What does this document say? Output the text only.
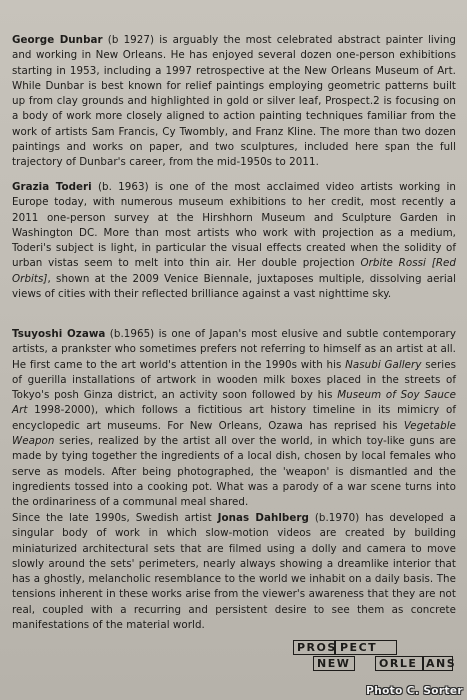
George Dunbar (b 1927) is arguably the most celebrated abstract painter living and working in New Orleans. He has enjoyed several dozen one-person exhibitions starting in 1953, including a 1997 retrospective at the New Orleans Museum of Art. While Dunbar is best known for relief paintings employing geometric patterns built up from clay grounds and highlighted in gold or silver leaf, Prospect.2 is focusing on a body of work more closely aligned to action painting techniques familiar from the work of artists Sam Francis, Cy Twombly, and Franz Kline. The more than two dozen paintings and works on paper, and two sculptures, included here span the full trajectory of Dunbar's career, from the mid-1950s to 2011.

Grazia Toderi (b. 1963) is one of the most acclaimed video artists working in Europe today, with numerous museum exhibitions to her credit, most recently a 2011 one-person survey at the Hirshhorn Museum and Sculpture Garden in Washington DC. More than most artists who work with projection as a medium, Toderi's subject is light, in particular the visual effects created when the solidity of urban vistas seem to melt into thin air. Her double projection Orbite Rossi [Red Orbits], shown at the 2009 Venice Biennale, juxtaposes multiple, dissolving aerial views of cities with their reflected brilliance against a vast nighttime sky.

Tsuyoshi Ozawa (b.1965) is one of Japan's most elusive and subtle contemporary artists, a prankster who sometimes prefers not referring to himself as an artist at all. He first came to the art world's attention in the 1990s with his Nasubi Gallery series of guerilla installations of artwork in wooden milk boxes placed in the streets of Tokyo's posh Ginza district, an activity soon followed by his Museum of Soy Sauce Art 1998-2000), which follows a fictitious art history timeline in its mimicry of encyclopedic art museums. For New Orleans, Ozawa has reprised his Vegetable Weapon series, realized by the artist all over the world, in which toy-like guns are made by tying together the ingredients of a local dish, chosen by local females who serve as models. After being photographed, the 'weapon' is dismantled and the ingredients tossed into a cooking pot. What was a parody of a war scene turns into the ordinariness of a communal meal shared.

Since the late 1990s, Swedish artist Jonas Dahlberg (b.1970) has developed a singular body of work in which slow-motion videos are created by building miniaturized architectural sets that are filmed using a dolly and camera to move slowly around the sets' perimeters, nearly always showing a dreamlike interior that has a ghostly, melancholic resemblance to the world we inhabit on a daily basis. The tensions inherent in these works arise from the viewer's awareness that they are not real, coupled with a recurring and persistent desire to see them as concrete manifestations of the material world.

PROS PECT
NEW	ORLE ANS
Photo C. Sorter
